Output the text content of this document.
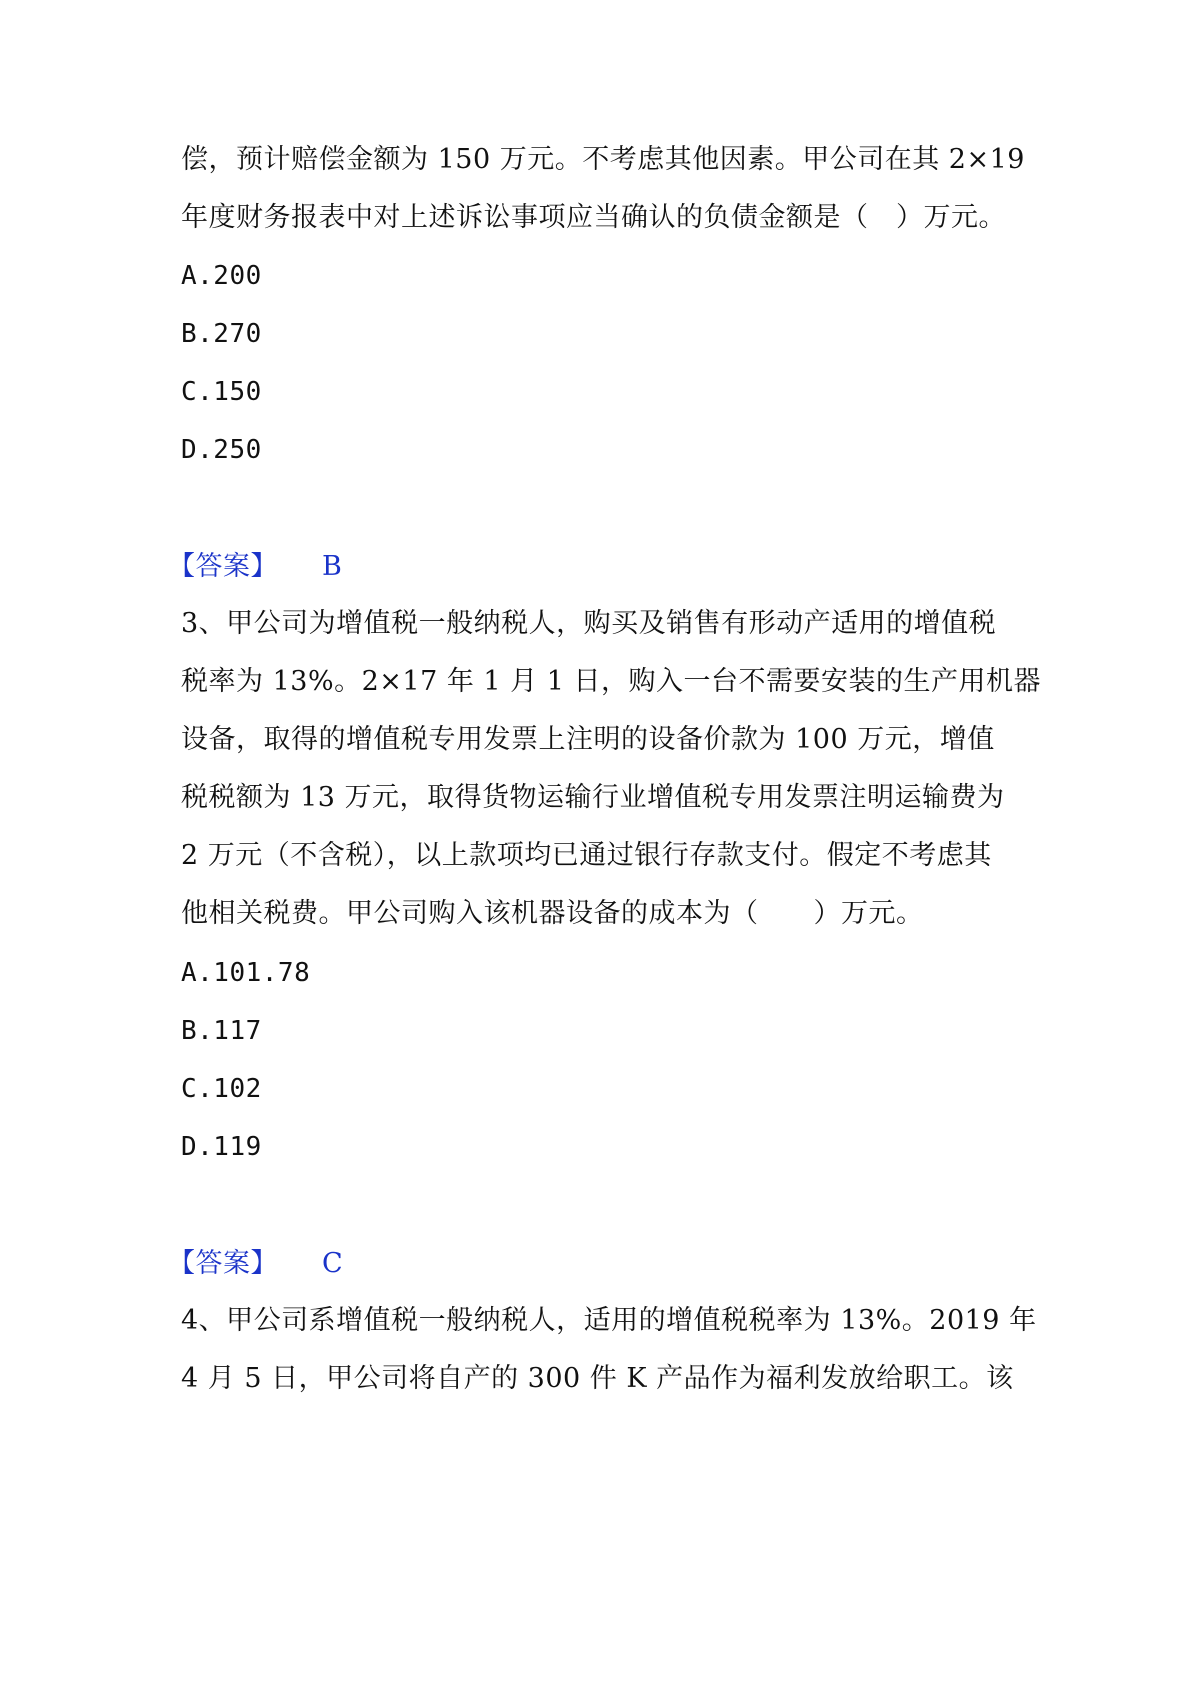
偿，预计赔偿金额为 150 万元。不考虑其他因素。甲公司在其 2×19
年度财务报表中对上述诉讼事项应当确认的负债金额是（　）万元。
A.200
B.270
C.150
D.250
【答案】 B
3、甲公司为增值税一般纳税人，购买及销售有形动产适用的增值税
税率为 13%。2×17 年 1 月 1 日，购入一台不需要安装的生产用机器
设备，取得的增值税专用发票上注明的设备价款为 100 万元，增值
税税额为 13 万元，取得货物运输行业增值税专用发票注明运输费为
2 万元（不含税），以上款项均已通过银行存款支付。假定不考虑其
他相关税费。甲公司购入该机器设备的成本为（　　）万元。
A.101.78
B.117
C.102
D.119
【答案】 C
4、甲公司系增值税一般纳税人，适用的增值税税率为 13%。2019 年
4 月 5 日，甲公司将自产的 300 件 K 产品作为福利发放给职工。该
